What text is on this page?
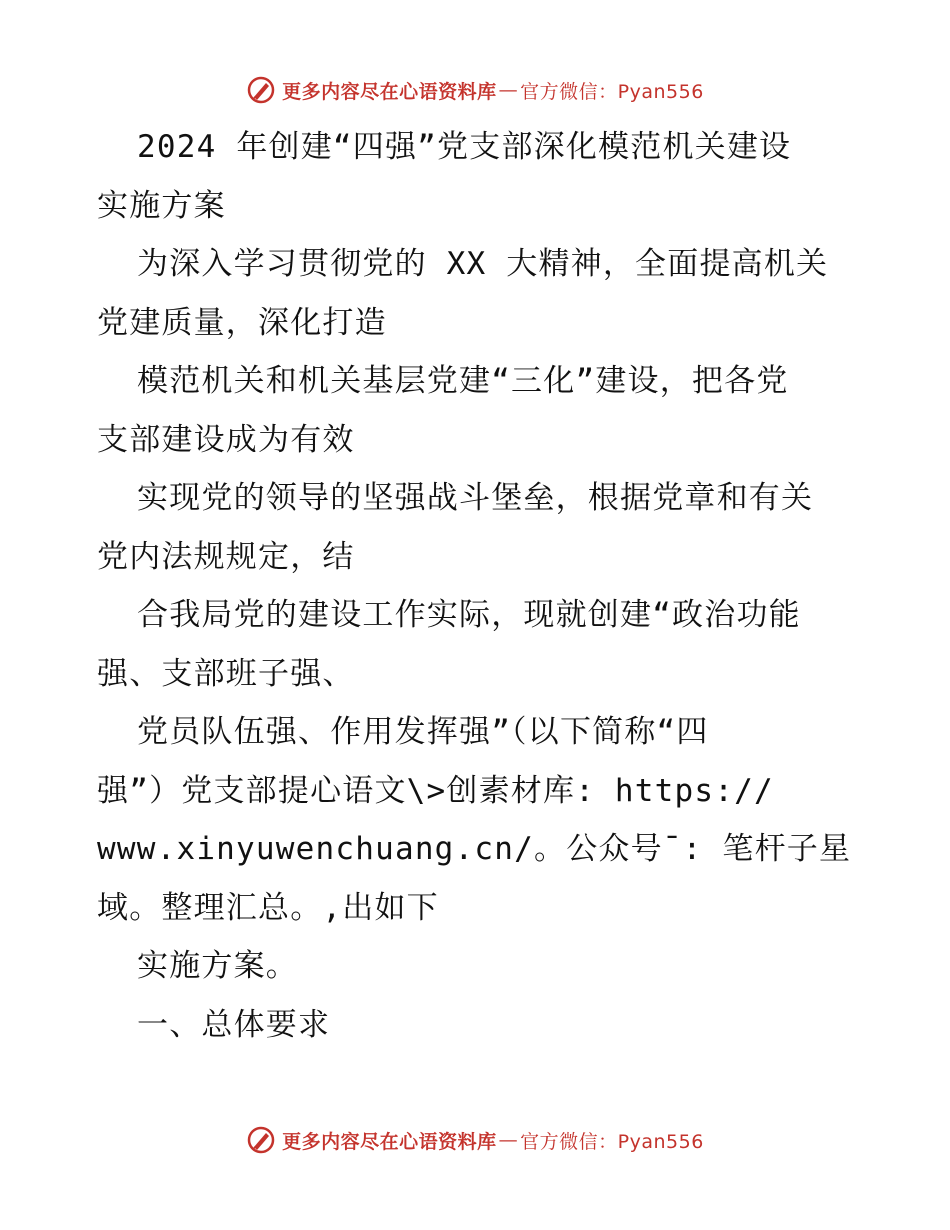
更多内容尽在心语资料库 — 官方微信：Pyan556
2024 年创建“四强”党支部深化模范机关建设
实施方案
为深入学习贯彻党的 XX 大精神，全面提高机关
党建质量，深化打造
模范机关和机关基层党建“三化”建设，把各党
支部建设成为有效
实现党的领导的坚强战斗堡垒，根据党章和有关
党内法规规定，结
合我局党的建设工作实际，现就创建“政治功能
强、支部班子强、
党员队伍强、作用发挥强”（以下简称“四
强”）党支部提心语文\>创素材库: https://
www.xinyuwenchuang.cn/。公众号¯: 笔杆子星
域。整理汇总。,出如下
实施方案。
一、总体要求
更多内容尽在心语资料库 — 官方微信：Pyan556
